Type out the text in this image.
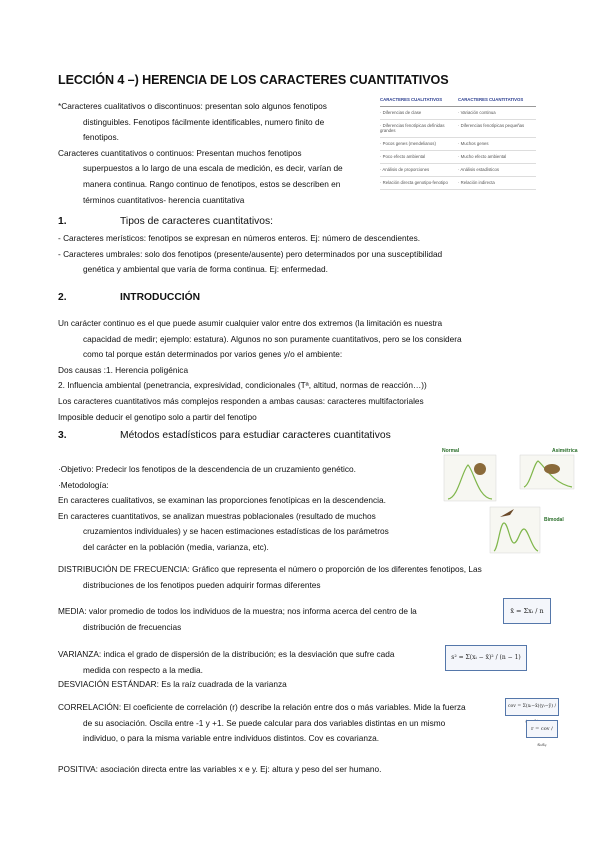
LECCIÓN 4 –) HERENCIA DE LOS CARACTERES CUANTITATIVOS

*Caracteres cualitativos o discontinuos: presentan solo algunos fenotipos

distinguibles. Fenotipos fácilmente identificables, numero finito de

fenotipos.

Caracteres cuantitativos o continuos: Presentan muchos fenotipos

superpuestos a lo largo de una escala de medición, es decir, varían de

manera continua. Rango continuo de fenotipos, estos se describen en

términos cuantitativos- herencia cuantitativa

CARACTERES CUALITATIVOS	CARACTERES CUANTITATIVOS
· Diferencias de clase	· Variación continua
· Diferencias fenotípicas definidas grandes	· Diferencias fenotípicas pequeñas
· Pocos genes (mendelianos)	· Muchos genes
· Poco efecto ambiental	· Mucho efecto ambiental
· Análisis de proporciones	· Análisis estadísticos
· Relación directa genotipo-fenotipo	· Relación indirecta
1.	Tipos de caracteres cuantitativos:

- Caracteres merísticos: fenotipos se expresan en números enteros. Ej: número de descendientes.

- Caracteres umbrales: solo dos fenotipos (presente/ausente) pero determinados por una susceptibilidad

genética y ambiental que varía de forma continua. Ej: enfermedad.

2.	INTRODUCCIÓN

Un carácter continuo es el que puede asumir cualquier valor entre dos extremos (la limitación es nuestra

capacidad de medir; ejemplo: estatura). Algunos no son puramente cuantitativos, pero se los considera

como tal porque están determinados por varios genes y/o el ambiente:

Dos causas :1. Herencia poligénica

2. Influencia ambiental (penetrancia, expresividad, condicionales (Tª, altitud, normas de reacción…))

Los caracteres cuantitativos más complejos responden a ambas causas: caracteres multifactoriales

Imposible deducir el genotipo solo a partir del fenotipo

3.	Métodos estadísticos para estudiar caracteres cuantitativos

·Objetivo: Predecir los fenotipos de la descendencia de un cruzamiento genético.

·Metodología:

En caracteres cualitativos, se examinan las proporciones fenotípicas en la descendencia.

En caracteres cuantitativos, se analizan muestras poblacionales (resultado de muchos

cruzamientos individuales) y se hacen estimaciones estadísticas de los parámetros

del carácter en la población (media, varianza, etc).

Normal	Asimétrica
Bimodal

DISTRIBUCIÓN DE FRECUENCIA: Gráfico que representa el número o proporción de los diferentes fenotipos, Las

distribuciones de los fenotipos pueden adquirir formas diferentes

MEDIA: valor promedio de todos los individuos de la muestra; nos informa acerca del centro de la

distribución de frecuencias

x̄ = Σxᵢ / n

VARIANZA: indica el grado de dispersión de la distribución; es la desviación que sufre cada

medida con respecto a la media.

s² = Σ(xᵢ − x̄)² / (n − 1)

DESVIACIÓN ESTÁNDAR: Es la raíz cuadrada de la varianza

CORRELACIÓN: El coeficiente de correlación (r) describe la relación entre dos o más variables. Mide la fuerza

de su asociación. Oscila entre -1 y +1. Se puede calcular para dos variables distintas en un mismo

individuo, o para la misma variable entre individuos distintos. Cov es covarianza.

cov = Σ(xᵢ−x̄)(yᵢ−ȳ) /
r = cov / sₓsᵧ

POSITIVA: asociación directa entre las variables x e y. Ej: altura y peso del ser humano.
